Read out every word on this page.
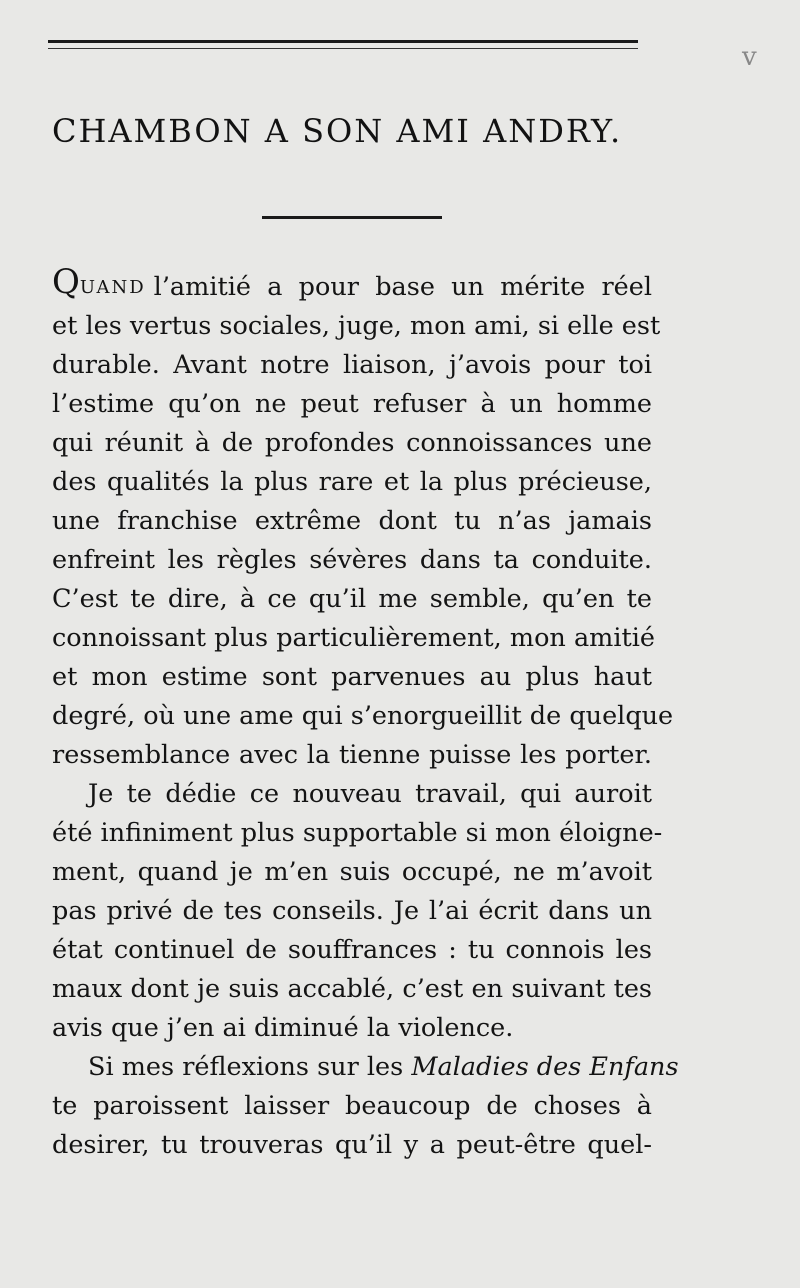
v
CHAMBON A SON AMI ANDRY.
QUAND l’amitié a pour base un mérite réel
et les vertus sociales, juge, mon ami, si elle est
durable. Avant notre liaison, j’avois pour toi
l’estime qu’on ne peut refuser à un homme
qui réunit à de profondes connoissances une
des qualités la plus rare et la plus précieuse,
une franchise extrême dont tu n’as jamais
enfreint les règles sévères dans ta conduite.
C’est te dire, à ce qu’il me semble, qu’en te
connoissant plus particulièrement, mon amitié
et mon estime sont parvenues au plus haut
degré, où une ame qui s’enorgueillit de quelque
ressemblance avec la tienne puisse les porter.
Je te dédie ce nouveau travail, qui auroit
été infiniment plus supportable si mon éloigne-
ment, quand je m’en suis occupé, ne m’avoit
pas privé de tes conseils. Je l’ai écrit dans un
état continuel de souffrances : tu connois les
maux dont je suis accablé, c’est en suivant tes
avis que j’en ai diminué la violence.
Si mes réflexions sur les Maladies des Enfans
te paroissent laisser beaucoup de choses à
desirer, tu trouveras qu’il y a peut-être quel-
